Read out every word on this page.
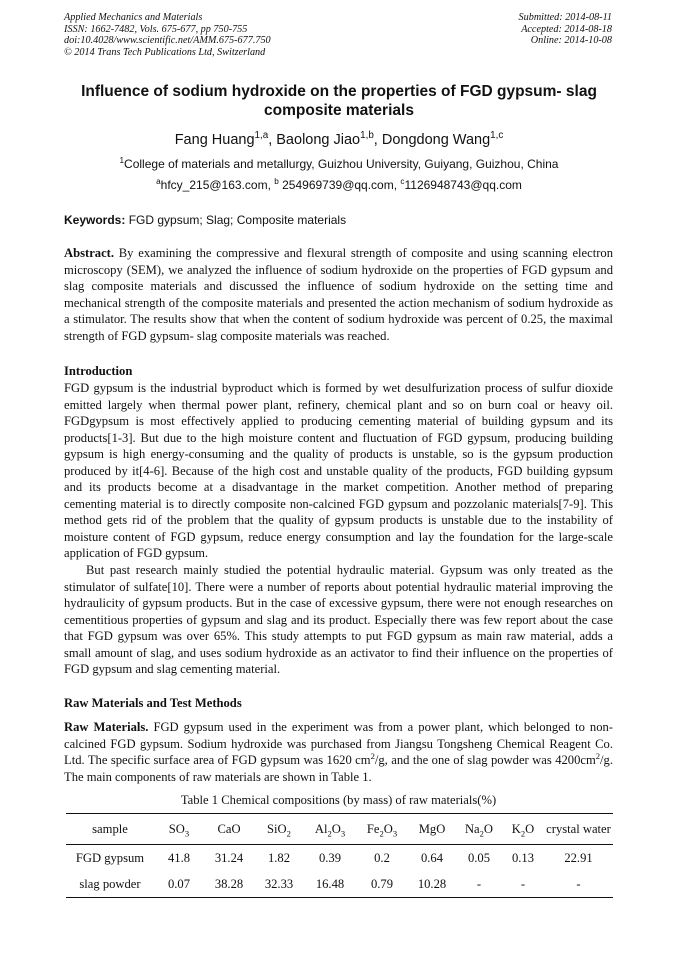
Applied Mechanics and Materials
ISSN: 1662-7482, Vols. 675-677, pp 750-755
doi:10.4028/www.scientific.net/AMM.675-677.750
© 2014 Trans Tech Publications Ltd, Switzerland
Submitted: 2014-08-11
Accepted: 2014-08-18
Online: 2014-10-08
Influence of sodium hydroxide on the properties of FGD gypsum- slag
composite materials
Fang Huang$^{1,a}$, Baolong Jiao$^{1,b}$, Dongdong Wang$^{1,c}$
$^1$College of materials and metallurgy, Guizhou University, Guiyang, Guizhou, China
$^a$hfcy_215@163.com, $^b$ 254969739@qq.com, $^c$1126948743@qq.com
Keywords: FGD gypsum; Slag; Composite materials

Abstract. By examining the compressive and flexural strength of composite and using scanning electron microscopy (SEM), we analyzed the influence of sodium hydroxide on the properties of FGD gypsum and slag composite materials and discussed the influence of sodium hydroxide on the setting time and mechanical strength of the composite materials and presented the action mechanism of sodium hydroxide as a stimulator. The results show that when the content of sodium hydroxide was percent of 0.25, the maximal strength of FGD gypsum- slag composite materials was reached.

Introduction

FGD gypsum is the industrial byproduct which is formed by wet desulfurization process of sulfur dioxide emitted largely when thermal power plant, refinery, chemical plant and so on burn coal or heavy oil. FGDgypsum is most effectively applied to producing cementing material of building gypsum and its products[1-3]. But due to the high moisture content and fluctuation of FGD gypsum, producing building gypsum is high energy-consuming and the quality of products is unstable, so is the gypsum production produced by it[4-6]. Because of the high cost and unstable quality of the products, FGD building gypsum and its products become at a disadvantage in the market competition. Another method of preparing cementing material is to directly composite non-calcined FGD gypsum and pozzolanic materials[7-9]. This method gets rid of the problem that the quality of gypsum products is unstable due to the instability of moisture content of FGD gypsum, reduce energy consumption and lay the foundation for the large-scale application of FGD gypsum.

But past research mainly studied the potential hydraulic material. Gypsum was only treated as the stimulator of sulfate[10]. There were a number of reports about potential hydraulic material improving the hydraulicity of gypsum products. But in the case of excessive gypsum, there were not enough researches on cementitious properties of gypsum and slag and its product. Especially there was few report about the case that FGD gypsum was over 65%. This study attempts to put FGD gypsum as main raw material, adds a small amount of slag, and uses sodium hydroxide as an activator to find their influence on the properties of FGD gypsum and slag cementing material.

Raw Materials and Test Methods

Raw Materials. FGD gypsum used in the experiment was from a power plant, which belonged to non-calcined FGD gypsum. Sodium hydroxide was purchased from Jiangsu Tongsheng Chemical Reagent Co. Ltd. The specific surface area of FGD gypsum was 1620 $cm^2/g$, and the one of slag powder was $4200cm^2/g$. The main components of raw materials are shown in Table 1.

Table 1 Chemical compositions (by mass) of raw materials(%)
sample	$SO_3$	CaO	SiO$_2$	$Al_2O_3$	$Fe_2O_3$	MgO	$Na_2O$	$K_2O$	crystal water
FGD gypsum	41.8	31.24	1.82	0.39	0.2	0.64	0.05	0.13	22.91
slag powder	0.07	38.28	32.33	16.48	0.79	10.28	-	-	-
